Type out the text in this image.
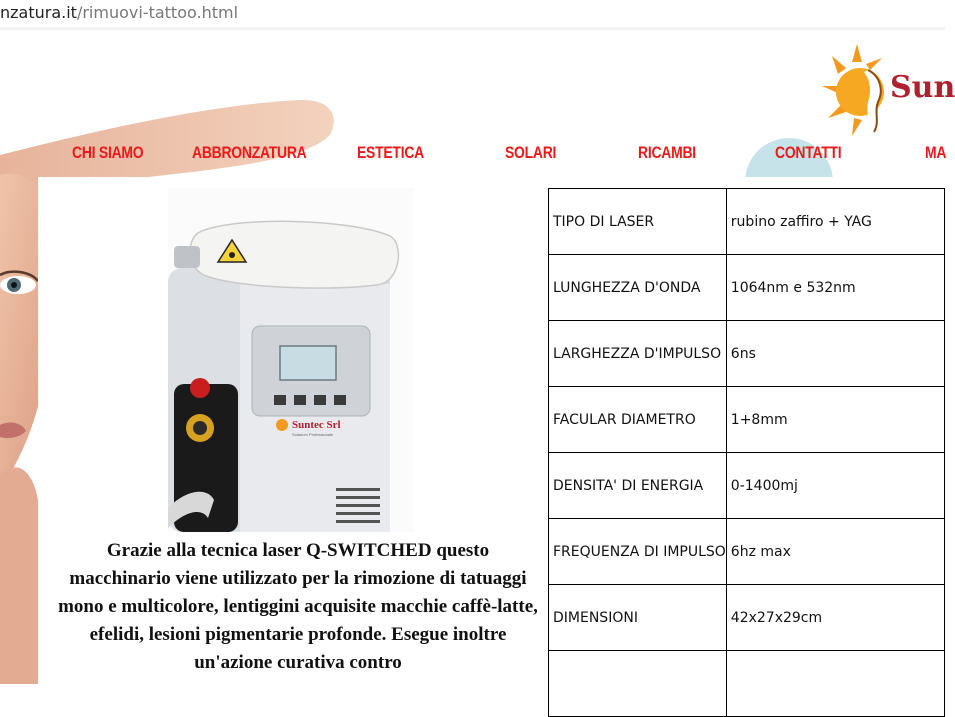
nzatura.it/rimuovi-tattoo.html
Sun
CHI SIAMO	ABBRONZATURA	ESTETICA	SOLARI	RICAMBI	CONTATTI	MA
Suntec Srl
Solarium Professionale
Grazie alla tecnica laser Q-SWITCHED questo macchinario viene utilizzato per la rimozione di tatuaggi mono e multicolore, lentiggini acquisite macchie caffè-latte, efelidi, lesioni pigmentarie profonde. Esegue inoltre un'azione curativa contro
TIPO DI LASER	rubino zaffiro + YAG
LUNGHEZZA D'ONDA	1064nm e 532nm
LARGHEZZA D'IMPULSO	6ns
FACULAR DIAMETRO	1+8mm
DENSITA' DI ENERGIA	0-1400mj
FREQUENZA DI IMPULSO	6hz max
DIMENSIONI	42x27x29cm
